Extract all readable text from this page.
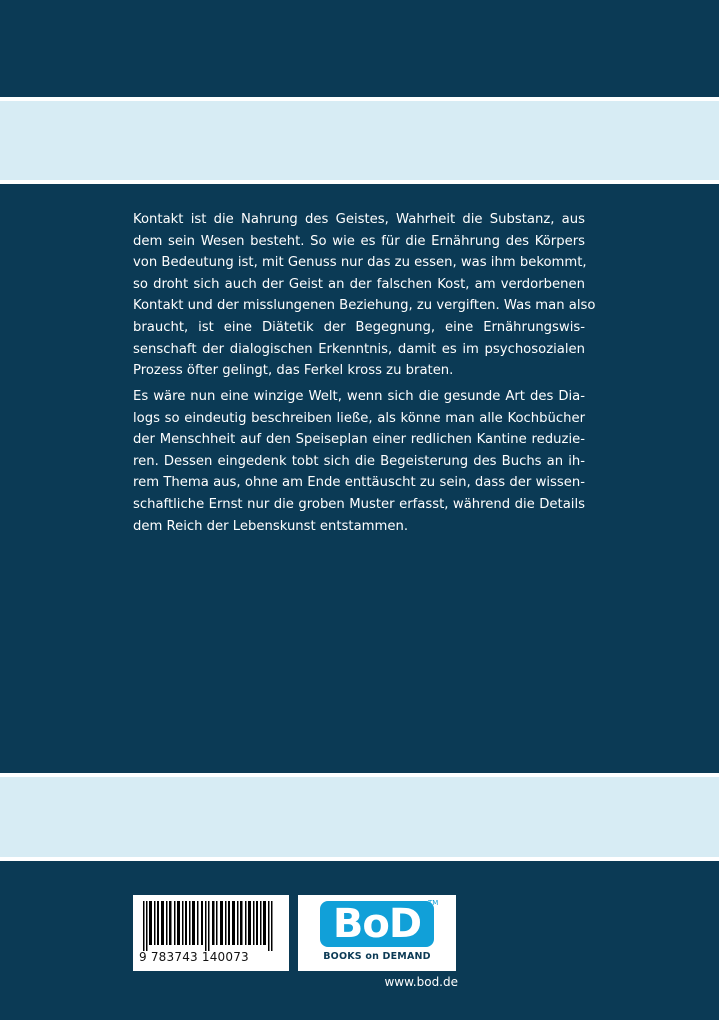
Kontakt ist die Nahrung des Geistes, Wahrheit die Substanz, aus
dem sein Wesen besteht. So wie es für die Ernährung des Körpers
von Bedeutung ist, mit Genuss nur das zu essen, was ihm bekommt,
so droht sich auch der Geist an der falschen Kost, am verdorbenen
Kontakt und der misslungenen Beziehung, zu vergiften. Was man also
braucht, ist eine Diätetik der Begegnung, eine Ernährungswis-
senschaft der dialogischen Erkenntnis, damit es im psychosozialen
Prozess öfter gelingt, das Ferkel kross zu braten.
Es wäre nun eine winzige Welt, wenn sich die gesunde Art des Dia-
logs so eindeutig beschreiben ließe, als könne man alle Kochbücher
der Menschheit auf den Speiseplan einer redlichen Kantine reduzie-
ren. Dessen eingedenk tobt sich die Begeisterung des Buchs an ih-
rem Thema aus, ohne am Ende enttäuscht zu sein, dass der wissen-
schaftliche Ernst nur die groben Muster erfasst, während die Details
dem Reich der Lebenskunst entstammen.
9 783743 140073
BoD TM
BOOKS on DEMAND
www.bod.de
